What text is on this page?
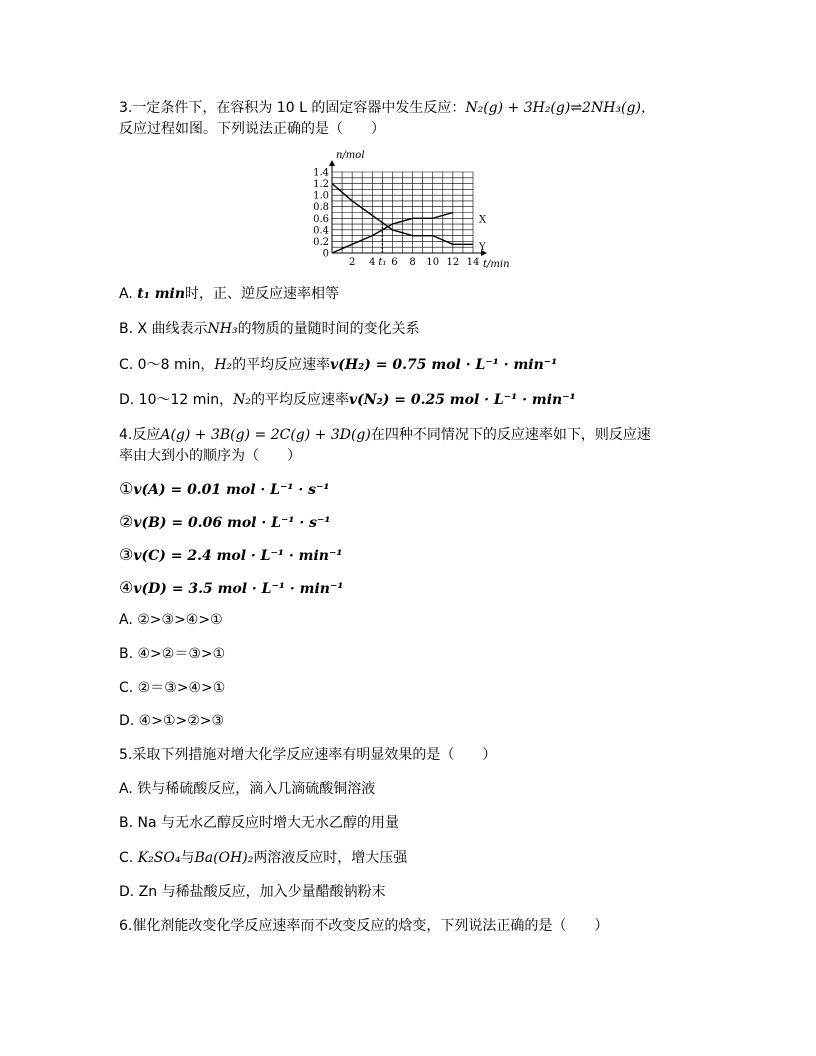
3.一定条件下，在容积为 10 L 的固定容器中发生反应：N₂(g) + 3H₂(g)⇌2NH₃(g)，
反应过程如图。下列说法正确的是（　　）
1.4
1.2
1.0
0.8
0.6
0.4
0.2
0
2 4 t₁ 6 8 10 12 14
n/mol
t/min
X
Y
A. t₁ min时，正、逆反应速率相等
B. X 曲线表示NH₃的物质的量随时间的变化关系
C. 0～8 min，H₂的平均反应速率v(H₂) = 0.75 mol · L⁻¹ · min⁻¹
D. 10～12 min，N₂的平均反应速率v(N₂) = 0.25 mol · L⁻¹ · min⁻¹
4.反应A(g) + 3B(g) = 2C(g) + 3D(g)在四种不同情况下的反应速率如下，则反应速
率由大到小的顺序为（　　）
①v(A) = 0.01 mol · L⁻¹ · s⁻¹
②v(B) = 0.06 mol · L⁻¹ · s⁻¹
③v(C) = 2.4 mol · L⁻¹ · min⁻¹
④v(D) = 3.5 mol · L⁻¹ · min⁻¹
A. ②>③>④>①
B. ④>②＝③>①
C. ②＝③>④>①
D. ④>①>②>③
5.采取下列措施对增大化学反应速率有明显效果的是（　　）
A. 铁与稀硫酸反应，滴入几滴硫酸铜溶液
B. Na 与无水乙醇反应时增大无水乙醇的用量
C. K₂SO₄与Ba(OH)₂两溶液反应时，增大压强
D. Zn 与稀盐酸反应，加入少量醋酸钠粉末
6.催化剂能改变化学反应速率而不改变反应的焓变，下列说法正确的是（　　）
